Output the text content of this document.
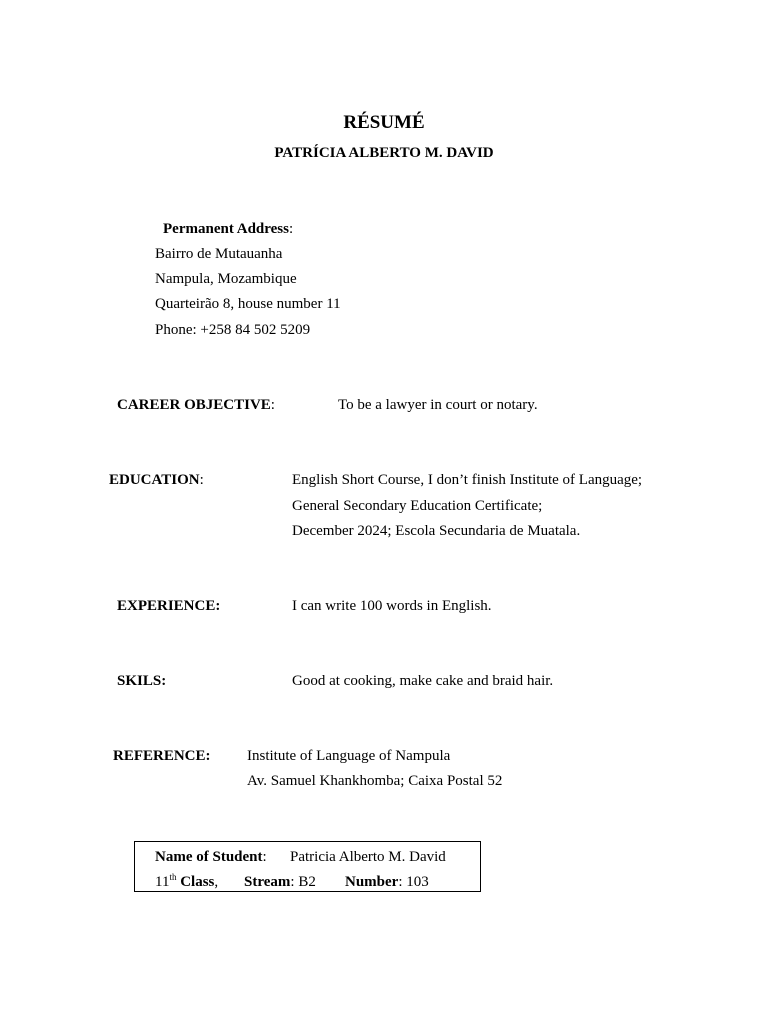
RÉSUMÉ
PATRÍCIA ALBERTO M. DAVID
Permanent Address:
Bairro de Mutauanha
Nampula, Mozambique
Quarteirão 8, house number 11
Phone: +258 84 502 5209
CAREER OBJECTIVE:	To be a lawyer in court or notary.
EDUCATION:	English Short Course, I don’t finish Institute of Language;
General Secondary Education Certificate;
December 2024; Escola Secundaria de Muatala.
EXPERIENCE:	I can write 100 words in English.
SKILS:	Good at cooking, make cake and braid hair.
REFERENCE: Institute of Language of Nampula
Av. Samuel Khankhomba; Caixa Postal 52
Name of Student: Patricia Alberto M. David
11th Class, Stream: B2 Number: 103
